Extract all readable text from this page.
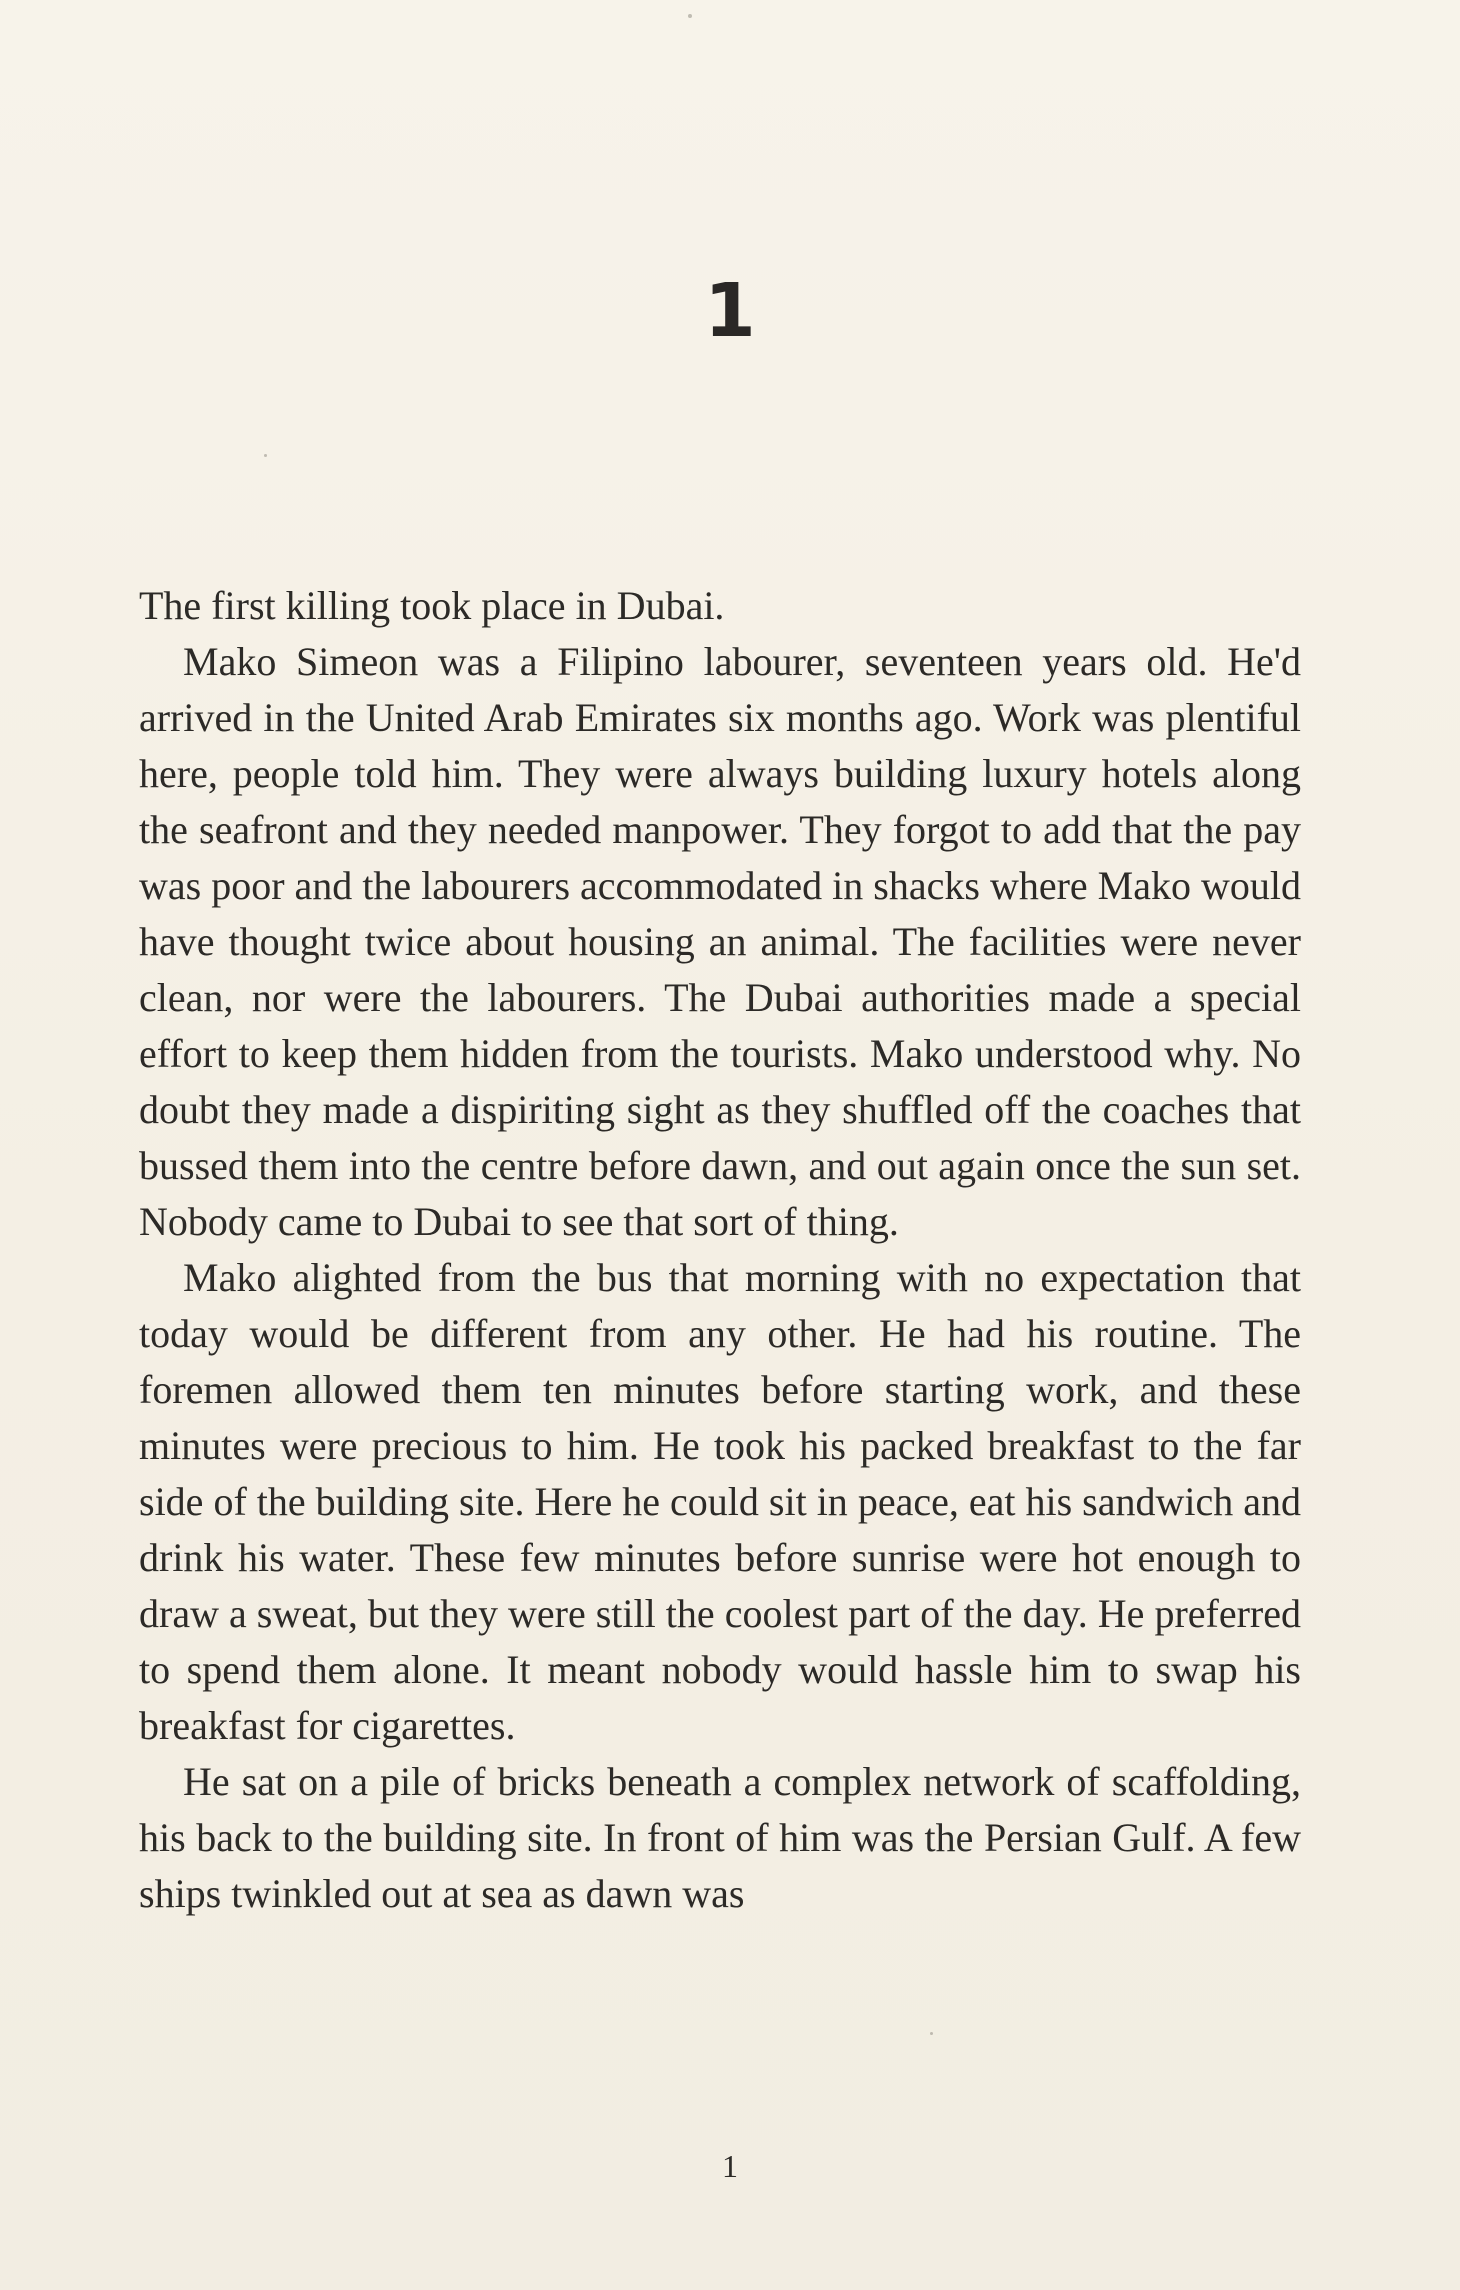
1

The first killing took place in Dubai.

Mako Simeon was a Filipino labourer, seventeen years old. He'd arrived in the United Arab Emirates six months ago. Work was plentiful here, people told him. They were always building luxury hotels along the seafront and they needed manpower. They forgot to add that the pay was poor and the labourers accommodated in shacks where Mako would have thought twice about housing an animal. The facilities were never clean, nor were the labourers. The Dubai authorities made a special effort to keep them hidden from the tourists. Mako understood why. No doubt they made a dispiriting sight as they shuffled off the coaches that bussed them into the centre before dawn, and out again once the sun set. Nobody came to Dubai to see that sort of thing.

Mako alighted from the bus that morning with no expectation that today would be different from any other. He had his routine. The foremen allowed them ten minutes before starting work, and these minutes were precious to him. He took his packed breakfast to the far side of the building site. Here he could sit in peace, eat his sandwich and drink his water. These few minutes before sunrise were hot enough to draw a sweat, but they were still the coolest part of the day. He preferred to spend them alone. It meant nobody would hassle him to swap his breakfast for cigarettes.

He sat on a pile of bricks beneath a complex network of scaffolding, his back to the building site. In front of him was the Persian Gulf. A few ships twinkled out at sea as dawn was

1
